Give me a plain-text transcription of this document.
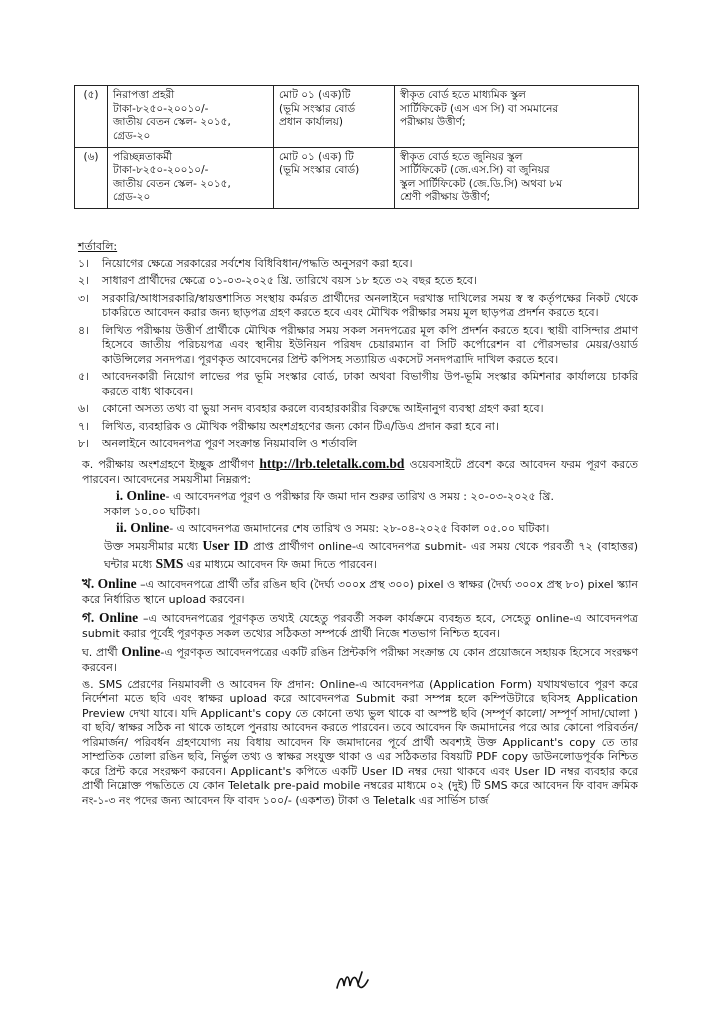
(৫)	নিরাপত্তা প্রহরী
টাকা-৮২৫০-২০০১০/-
জাতীয় বেতন স্কেল- ২০১৫,
গ্রেড-২০	মোট ০১ (এক)টি
(ভূমি সংস্কার বোর্ড
প্রধান কার্যালয়)	স্বীকৃত বোর্ড হতে মাধ্যমিক স্কুল
সার্টিফিকেট (এস এস সি) বা সমমানের
পরীক্ষায় উত্তীর্ণ;

(৬)	পরিচ্ছন্নতাকর্মী
টাকা-৮২৫০-২০০১০/-
জাতীয় বেতন স্কেল- ২০১৫,
গ্রেড-২০	মোট ০১ (এক) টি
(ভূমি সংস্কার বোর্ড)	স্বীকৃত বোর্ড হতে জুনিয়র স্কুল
সার্টিফিকেট (জে.এস.সি) বা জুনিয়র
স্কুল সার্টিফিকেট (জে.ডি.সি) অথবা ৮ম
শ্রেণী পরীক্ষায় উত্তীর্ণ;
শর্তাবলি:
১।	নিয়োগের ক্ষেত্রে সরকারের সর্বশেষ বিধিবিধান/পদ্ধতি অনুসরণ করা হবে।
২।	সাধারণ প্রার্থীদের ক্ষেত্রে ০১-০৩-২০২৫ খ্রি. তারিখে বয়স ১৮ হতে ৩২ বছর হতে হবে।
৩।	সরকারি/আধাসরকারি/স্বায়ত্তশাসিত সংস্থায় কর্মরত প্রার্থীদের অনলাইনে দরখাস্ত দাখিলের সময় স্ব স্ব কর্তৃপক্ষের নিকট থেকে চাকরিতে আবেদন করার জন্য ছাড়পত্র গ্রহণ করতে হবে এবং মৌখিক পরীক্ষার সময় মূল ছাড়পত্র প্রদর্শন করতে হবে।
৪।	লিখিত পরীক্ষায় উত্তীর্ণ প্রার্থীকে মৌখিক পরীক্ষার সময় সকল সনদপত্রের মূল কপি প্রদর্শন করতে হবে। স্থায়ী বাসিন্দার প্রমাণ হিসেবে জাতীয় পরিচয়পত্র এবং স্থানীয় ইউনিয়ন পরিষদ চেয়ারম্যান বা সিটি কর্পোরেশন বা পৌরসভার মেয়র/ওয়ার্ড কাউন্সিলের সনদপত্র। পূরণকৃত আবেদনের প্রিন্ট কপিসহ সত্যায়িত একসেট সনদপত্রাদি দাখিল করতে হবে।
৫।	আবেদনকারী নিয়োগ লাভের পর ভূমি সংস্কার বোর্ড, ঢাকা অথবা বিভাগীয় উপ-ভূমি সংস্কার কমিশনার কার্যালয়ে চাকরি করতে বাধ্য থাকবেন।
৬।	কোনো অসত্য তথ্য বা ভুয়া সনদ ব্যবহার করলে ব্যবহারকারীর বিরুদ্ধে আইনানুগ ব্যবস্থা গ্রহণ করা হবে।
৭।	লিখিত, ব্যবহারিক ও মৌখিক পরীক্ষায় অংশগ্রহণের জন্য কোন টিএ/ডিএ প্রদান করা হবে না।
৮।	অনলাইনে আবেদনপত্র পূরণ সংক্রান্ত নিয়মাবলি ও শর্তাবলি
ক. পরীক্ষায় অংশগ্রহণে ইচ্ছুক প্রার্থীগণ http://lrb.teletalk.com.bd ওয়েবসাইটে প্রবেশ করে আবেদন ফরম পূরণ করতে পারবেন। আবেদনের সময়সীমা নিম্নরূপ:
i. Online- এ আবেদনপত্র পূরণ ও পরীক্ষার ফি জমা দান শুরুর তারিখ ও সময় : ২০-০৩-২০২৫ খ্রি.
সকাল ১০.০০ ঘটিকা।
ii. Online- এ আবেদনপত্র জমাদানের শেষ তারিখ ও সময়: ২৮-০৪-২০২৫ বিকাল ০৫.০০ ঘটিকা।
উক্ত সময়সীমার মধ্যে User ID প্রাপ্ত প্রার্থীগণ online-এ আবেদনপত্র submit- এর সময় থেকে পরবর্তী ৭২ (বাহাত্তর) ঘন্টার মধ্যে SMS এর মাধ্যমে আবেদন ফি জমা দিতে পারবেন।
খ. Online –এ আবেদনপত্রে প্রার্থী তাঁর রঙিন ছবি (দৈর্ঘ্য ৩০০x প্রস্থ ৩০০) pixel ও স্বাক্ষর (দৈর্ঘ্য ৩০০x প্রস্থ ৮০) pixel স্ক্যান করে নির্ধারিত স্থানে upload করবেন।
গ. Online –এ আবেদনপত্রের পূরণকৃত তথ্যই যেহেতু পরবর্তী সকল কার্যক্রমে ব্যবহৃত হবে, সেহেতু online-এ আবেদনপত্র submit করার পূর্বেই পূরণকৃত সকল তথ্যের সঠিকতা সম্পর্কে প্রার্থী নিজে শতভাগ নিশ্চিত হবেন।
ঘ. প্রার্থী Online-এ পূরণকৃত আবেদনপত্রের একটি রঙিন প্রিন্টকপি পরীক্ষা সংক্রান্ত যে কোন প্রয়োজনে সহায়ক হিসেবে সংরক্ষণ করবেন।
ঙ. SMS প্রেরণের নিয়মাবলী ও আবেদন ফি প্রদান: Online-এ আবেদনপত্র (Application Form) যথাযথভাবে পূরণ করে নির্দেশনা মতে ছবি এবং স্বাক্ষর upload করে আবেদনপত্র Submit করা সম্পন্ন হলে কম্পিউটারে ছবিসহ Application Preview দেখা যাবে। যদি Applicant's copy তে কোনো তথ্য ভুল থাকে বা অস্পষ্ট ছবি (সম্পূর্ণ কালো/ সম্পূর্ণ সাদা/ঘোলা ) বা ছবি/ স্বাক্ষর সঠিক না থাকে তাহলে পুনরায় আবেদন করতে পারবেন। তবে আবেদন ফি জমাদানের পরে আর কোনো পরিবর্তন/পরিমার্জন/ পরিবর্ধন গ্রহণযোগ্য নয় বিধায় আবেদন ফি জমাদানের পূর্বে প্রার্থী অবশ্যই উক্ত Applicant's copy তে তার সাম্প্রতিক তোলা রঙিন ছবি, নির্ভুল তথ্য ও স্বাক্ষর সংযুক্ত থাকা ও এর সঠিকতার বিষয়টি PDF copy ডাউনলোডপূর্বক নিশ্চিত করে প্রিন্ট করে সংরক্ষণ করবেন। Applicant's কপিতে একটি User ID নম্বর দেয়া থাকবে এবং User ID নম্বর ব্যবহার করে প্রার্থী নিম্নোক্ত পদ্ধতিতে যে কোন Teletalk pre-paid mobile নম্বরের মাধ্যমে ০২ (দুই) টি SMS করে আবেদন ফি বাবদ ক্রমিক নং-১-৩ নং পদের জন্য আবেদন ফি বাবদ ১০০/- (একশত) টাকা ও Teletalk এর সার্ভিস চার্জ
